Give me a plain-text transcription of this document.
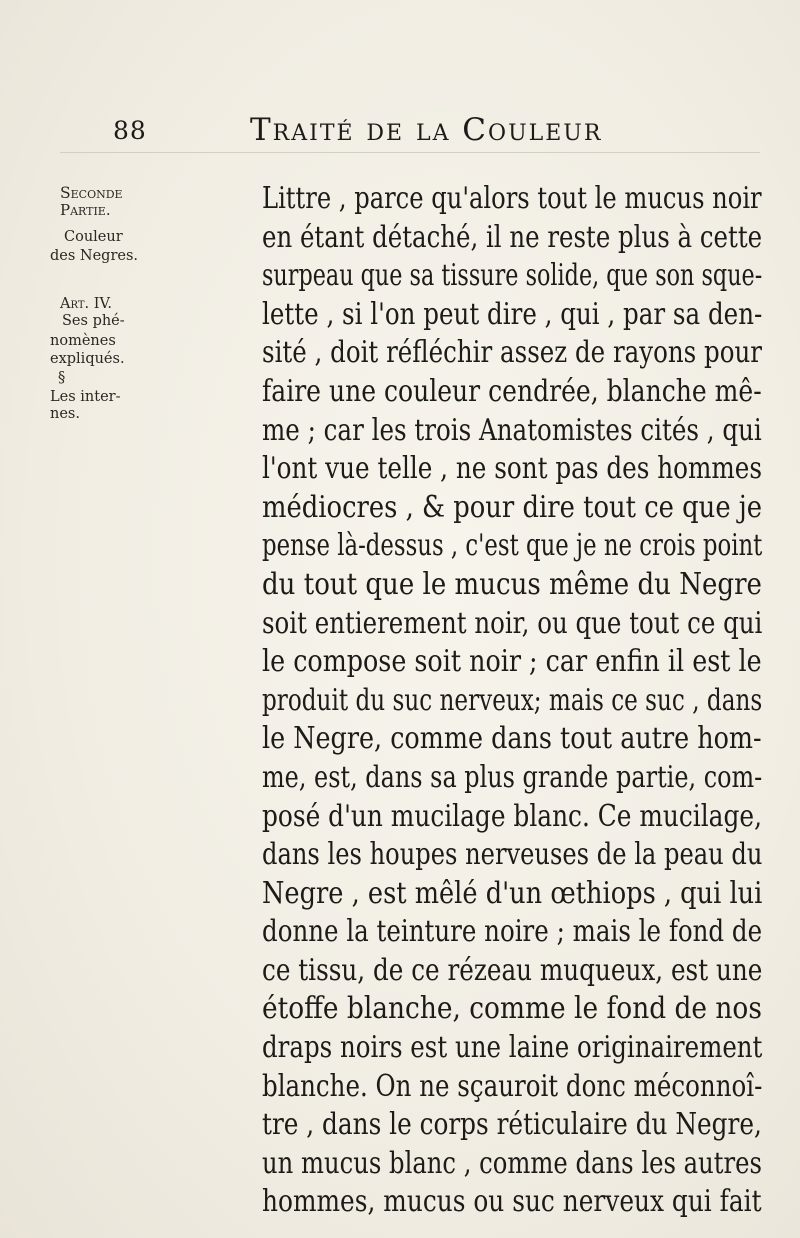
88	Traité de la Couleur
Seconde
Partie.
Couleur
des Negres.
Art. IV.
Ses phé-
nomènes
expliqués.
§
Les inter-
nes.
Littre , parce qu'alors tout le mucus noir
en étant détaché, il ne reste plus à cette
surpeau que sa tissure solide, que son sque-
lette , si l'on peut dire , qui , par sa den-
sité , doit réfléchir assez de rayons pour
faire une couleur cendrée, blanche mê-
me ; car les trois Anatomistes cités , qui
l'ont vue telle , ne sont pas des hommes
médiocres , & pour dire tout ce que je
pense là-dessus , c'est que je ne crois point
du tout que le mucus même du Negre
soit entierement noir, ou que tout ce qui
le compose soit noir ; car enfin il est le
produit du suc nerveux; mais ce suc , dans
le Negre, comme dans tout autre hom-
me, est, dans sa plus grande partie, com-
posé d'un mucilage blanc. Ce mucilage,
dans les houpes nerveuses de la peau du
Negre , est mêlé d'un œthiops , qui lui
donne la teinture noire ; mais le fond de
ce tissu, de ce rézeau muqueux, est une
étoffe blanche, comme le fond de nos
draps noirs est une laine originairement
blanche. On ne sçauroit donc méconnoî-
tre , dans le corps réticulaire du Negre,
un mucus blanc , comme dans les autres
hommes, mucus ou suc nerveux qui fait
